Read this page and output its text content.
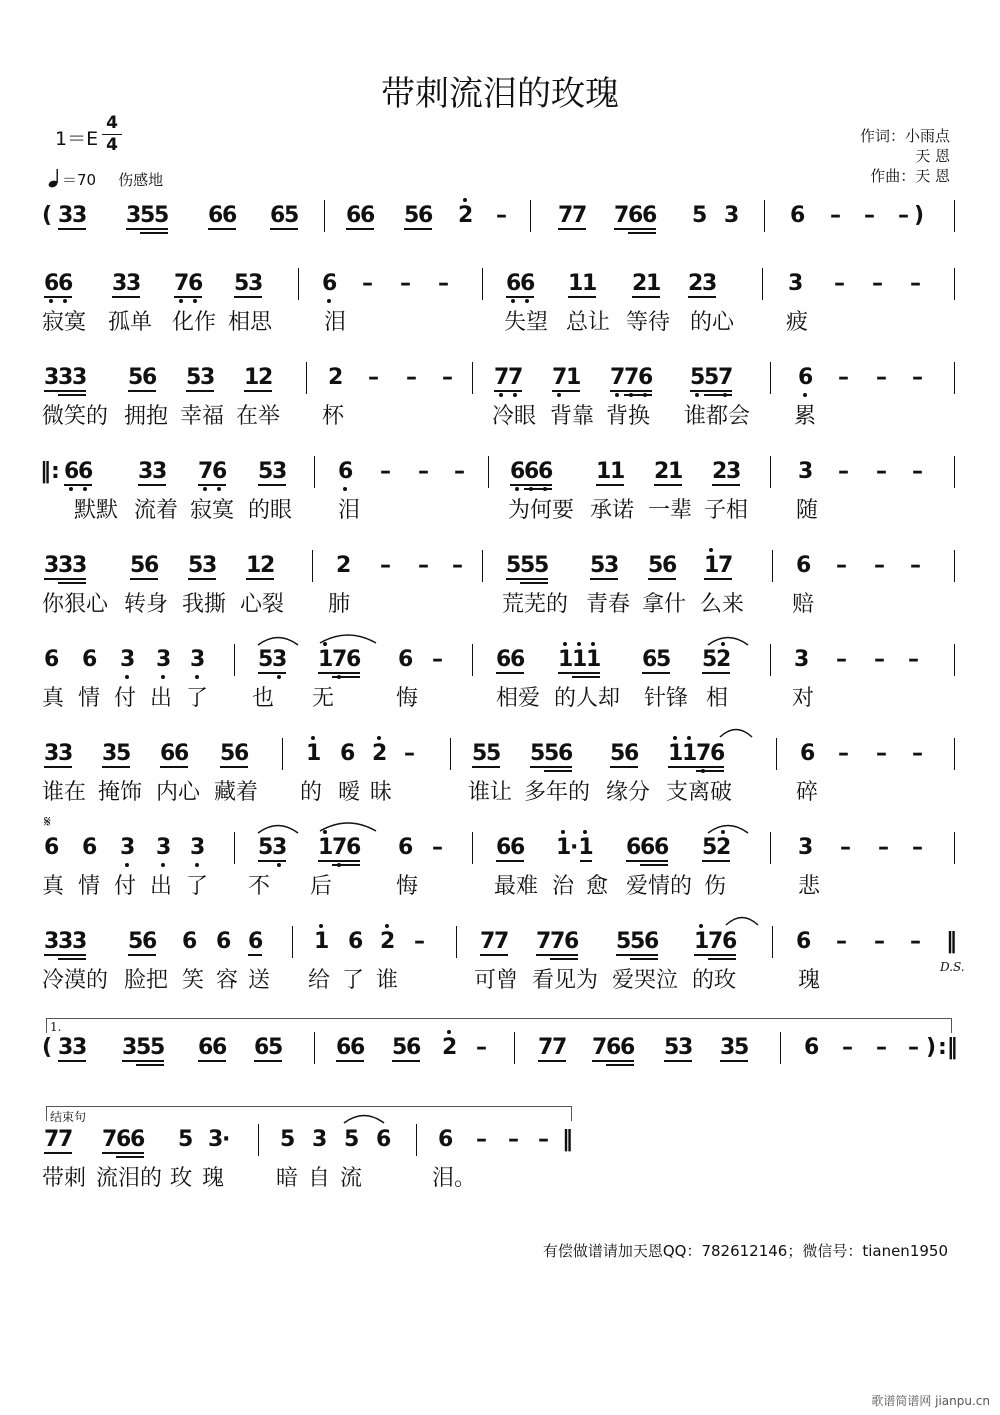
带刺流泪的玫瑰
1＝E
4
4
＝70 伤感地
作词：小雨点
天 恩
作曲：天 恩
( 33 355 66 65 66 56 2 – 77 766 5 3 6 – – – )
66 33 76 53	6 – – –	66 11 21 23	3 – – –
寂寞 孤单 化作 相思 泪	失望 总让 等待 的心 疲
333 56 53 12 2 – – – 77 71 776 557	6 – – –
微笑的 拥抱 幸福 在举 杯	冷眼 背靠 背换 谁都会 累
‖: 66 33 76 53 6 – – – 666 11 21 23	3 – – –
默默 流着 寂寞 的眼 泪	为何要 承诺 一辈 子相 随
333 56 53 12	2 – – – 555 53 56 17	6 – – –
你狠心 转身 我撕 心裂 肺	荒芜的 青春 拿什 么来 赔
6 6 3 3 3 53 176 6 – 66 111 65 52	3 – – –
真 情 付 出 了 也 无	悔	相爱 的人却 针锋 相	对
33 35 66 56	1 6 2 –	55 556 56 1176	6 – – –
谁在 掩饰 内心 藏着 的 暧 昧	谁让 多年的 缘分 支离破	碎
𝄋
6 6 3 3 3 53 176 6 – 66 1·1 666 52	3 – – –
真 情 付 出 了 不 后	悔	最难 治 愈 爱情的 伤	悲
333 56 6 6 6 1 6 2 –	77 776 556 176	6 – – – ‖
D.S.
冷漠的 脸把 笑 容 送 给 了 谁	可曾 看见为 爱哭泣 的玫	瑰
1.
( 33 355 66 65 66 56 2 – 77 766 53 35 6 – – – ) :‖
结束句
77 766 5 3· 5 3 5 6 6 – – – ‖
带刺 流泪的 玫 瑰 暗 自 流	泪。
有偿做谱请加天恩QQ：782612146；微信号：tianen1950
歌谱简谱网 jianpu.cn
